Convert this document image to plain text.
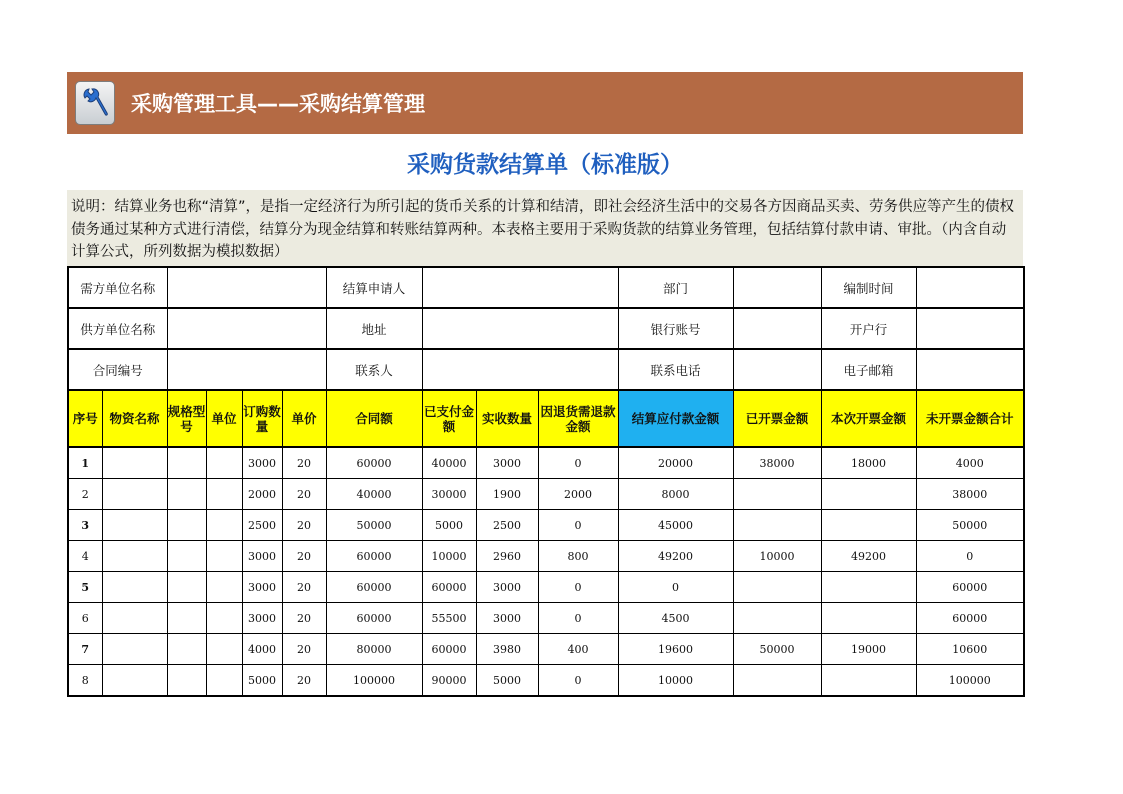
采购管理工具——采购结算管理
采购货款结算单（标准版）
说明：结算业务也称“清算”，是指一定经济行为所引起的货币关系的计算和结清，即社会经济生活中的交易各方因商品买卖、劳务供应等产生的债权债务通过某种方式进行清偿，结算分为现金结算和转账结算两种。本表格主要用于采购货款的结算业务管理，包括结算付款申请、审批。（内含自动计算公式，所列数据为模拟数据）
需方单位名称						结算申请人				部门		编制时间	
供方单位名称						地址				银行账号		开户行	
合同编号						联系人				联系电话		电子邮箱	
序号	物资名称	规格型号	单位	订购数量	单价	合同额	已支付金额	实收数量	因退货需退款金额	结算应付款金额	已开票金额	本次开票金额	未开票金额合计
1				3000	20	60000	40000	3000	0	20000	38000	18000	4000
2				2000	20	40000	30000	1900	2000	8000			38000
3				2500	20	50000	5000	2500	0	45000			50000
4				3000	20	60000	10000	2960	800	49200	10000	49200	0
5				3000	20	60000	60000	3000	0	0			60000
6				3000	20	60000	55500	3000	0	4500			60000
7				4000	20	80000	60000	3980	400	19600	50000	19000	10600
8				5000	20	100000	90000	5000	0	10000			100000
